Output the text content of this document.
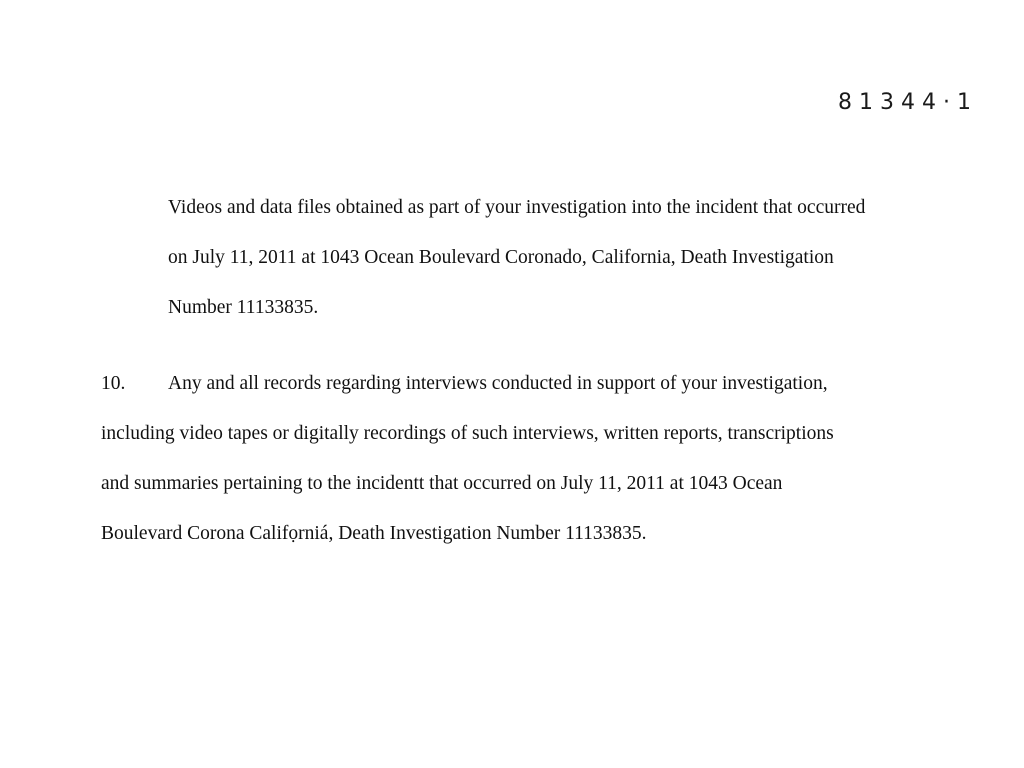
81344·1

Videos and data files obtained as part of your investigation into the incident that occurred
on July 11, 2011 at 1043 Ocean Boulevard Coronado, California, Death Investigation
Number 11133835.

10. Any and all records regarding interviews conducted in support of your investigation,
including video tapes or digitally recordings of such interviews, written reports, transcriptions
and summaries pertaining to the incidentt that occurred on July 11, 2011 at 1043 Ocean
Boulevard Corona Califọrniá, Death Investigation Number 11133835.
